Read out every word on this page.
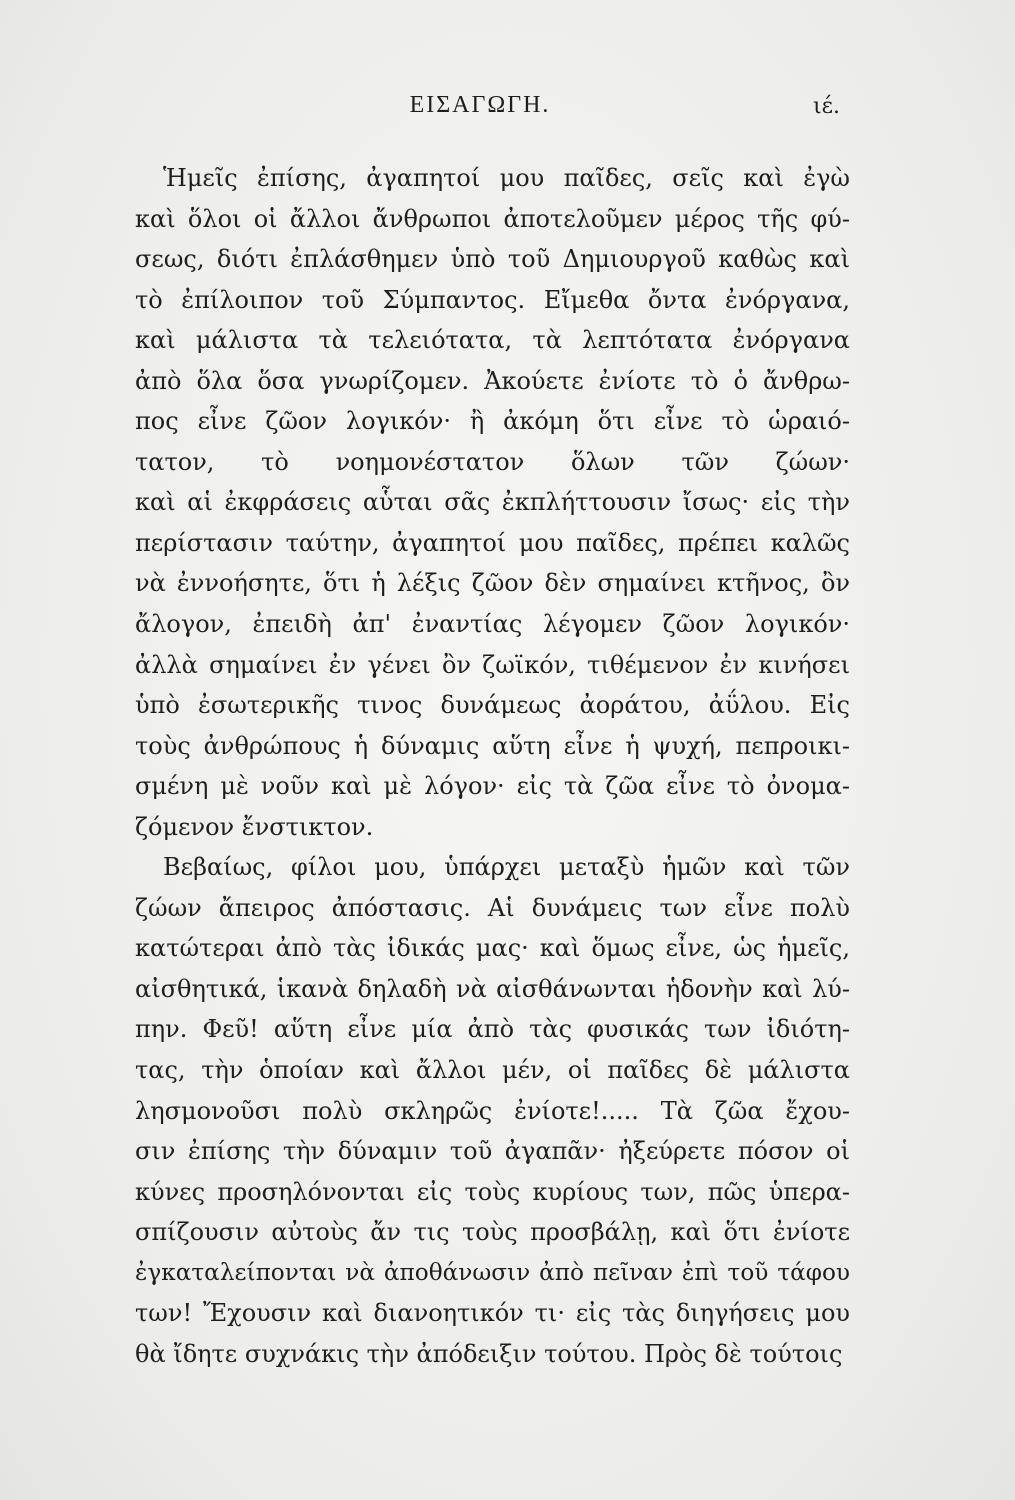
ΕΙΣΑΓΩΓΗ.	ιέ.
Ἡμεῖς ἐπίσης, ἀγαπητοί μου παῖδες, σεῖς καὶ ἐγὼ
καὶ ὅλοι οἱ ἄλλοι ἄνθρωποι ἀποτελοῦμεν μέρος τῆς φύ-
σεως, διότι ἐπλάσθημεν ὑπὸ τοῦ Δημιουργοῦ καθὼς καὶ
τὸ ἐπίλοιπον τοῦ Σύμπαντος. Εἴμεθα ὄντα ἐνόργανα,
καὶ μάλιστα τὰ τελειότατα, τὰ λεπτότατα ἐνόργανα
ἀπὸ ὅλα ὅσα γνωρίζομεν. Ἀκούετε ἐνίοτε τὸ ὁ ἄνθρω-
πος εἶνε ζῶον λογικόν· ἢ ἀκόμη ὅτι εἶνε τὸ ὡραιό-
τατον, τὸ νοημονέστατον ὅλων τῶν ζώων·
καὶ αἱ ἐκφράσεις αὗται σᾶς ἐκπλήττουσιν ἴσως· εἰς τὴν
περίστασιν ταύτην, ἀγαπητοί μου παῖδες, πρέπει καλῶς
νὰ ἐννοήσητε, ὅτι ἡ λέξις ζῶον δὲν σημαίνει κτῆνος, ὂν
ἄλογον, ἐπειδὴ ἀπ' ἐναντίας λέγομεν ζῶον λογικόν·
ἀλλὰ σημαίνει ἐν γένει ὂν ζωϊκόν, τιθέμενον ἐν κινήσει
ὑπὸ ἐσωτερικῆς τινος δυνάμεως ἀοράτου, ἀΰλου. Εἰς
τοὺς ἀνθρώπους ἡ δύναμις αὕτη εἶνε ἡ ψυχή, πεπροικι-
σμένη μὲ νοῦν καὶ μὲ λόγον· εἰς τὰ ζῶα εἶνε τὸ ὀνομα-
ζόμενον ἔνστικτον.
Βεβαίως, φίλοι μου, ὑπάρχει μεταξὺ ἡμῶν καὶ τῶν
ζώων ἄπειρος ἀπόστασις. Αἱ δυνάμεις των εἶνε πολὺ
κατώτεραι ἀπὸ τὰς ἰδικάς μας· καὶ ὅμως εἶνε, ὡς ἡμεῖς,
αἰσθητικά, ἱκανὰ δηλαδὴ νὰ αἰσθάνωνται ἡδονὴν καὶ λύ-
πην. Φεῦ! αὕτη εἶνε μία ἀπὸ τὰς φυσικάς των ἰδιότη-
τας, τὴν ὁποίαν καὶ ἄλλοι μέν, οἱ παῖδες δὲ μάλιστα
λησμονοῦσι πολὺ σκληρῶς ἐνίοτε!..... Τὰ ζῶα ἔχου-
σιν ἐπίσης τὴν δύναμιν τοῦ ἀγαπᾶν· ἠξεύρετε πόσον οἱ
κύνες προσηλόνονται εἰς τοὺς κυρίους των, πῶς ὑπερα-
σπίζουσιν αὐτοὺς ἄν τις τοὺς προσβάλῃ, καὶ ὅτι ἐνίοτε
ἐγκαταλείπονται νὰ ἀποθάνωσιν ἀπὸ πεῖναν ἐπὶ τοῦ τάφου
των! Ἔχουσιν καὶ διανοητικόν τι· εἰς τὰς διηγήσεις μου
θὰ ἴδητε συχνάκις τὴν ἀπόδειξιν τούτου. Πρὸς δὲ τούτοις
